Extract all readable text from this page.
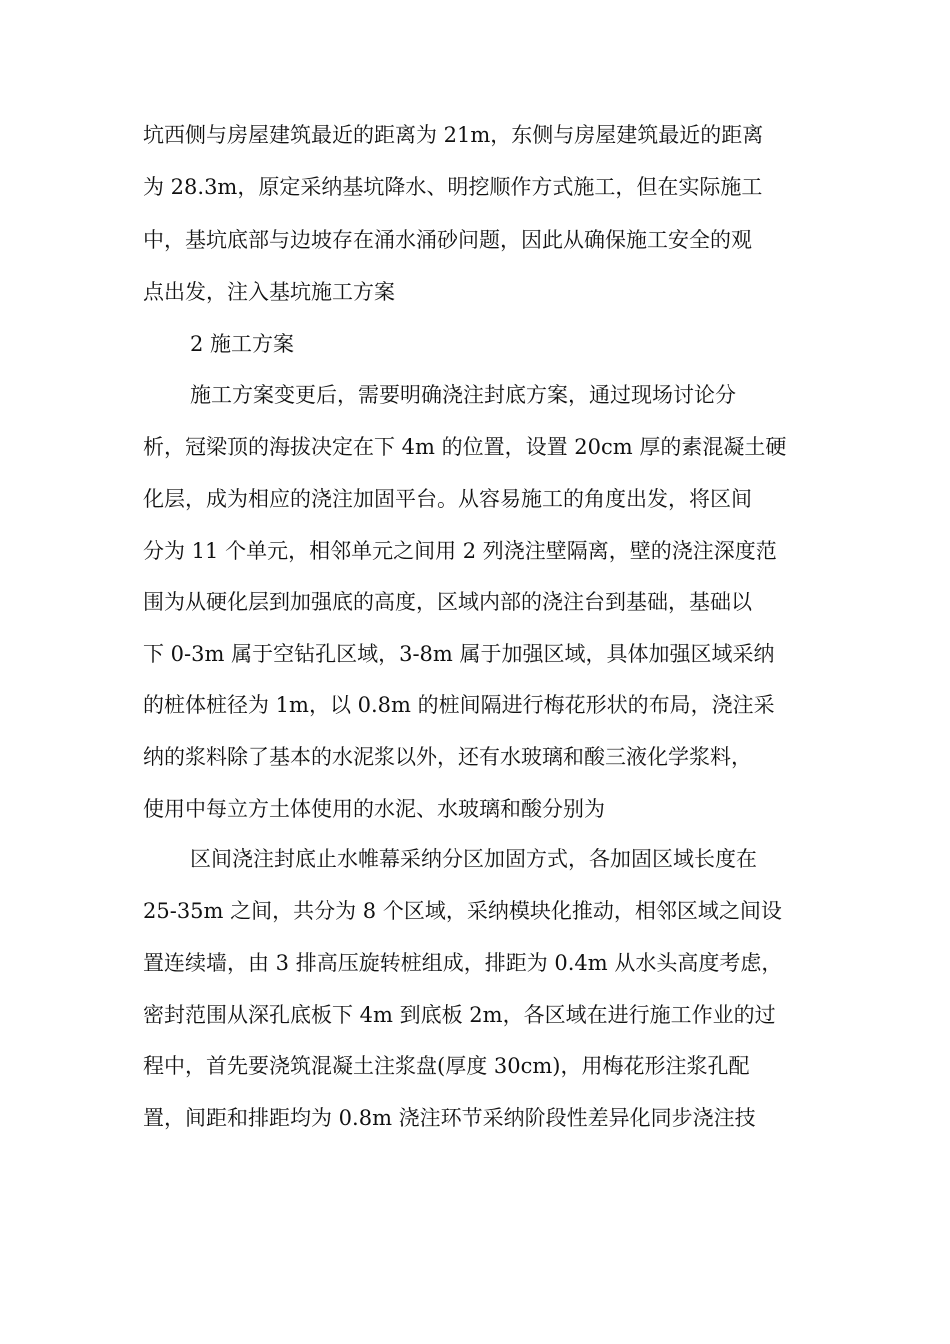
坑西侧与房屋建筑最近的距离为 21m，东侧与房屋建筑最近的距离
为 28.3m，原定采纳基坑降水、明挖顺作方式施工，但在实际施工
中，基坑底部与边坡存在涌水涌砂问题，因此从确保施工安全的观
点出发，注入基坑施工方案
2 施工方案
施工方案变更后，需要明确浇注封底方案，通过现场讨论分
析，冠梁顶的海拔决定在下 4m 的位置，设置 20cm 厚的素混凝土硬
化层，成为相应的浇注加固平台。从容易施工的角度出发，将区间
分为 11 个单元，相邻单元之间用 2 列浇注壁隔离，壁的浇注深度范
围为从硬化层到加强底的高度，区域内部的浇注台到基础，基础以
下 0-3m 属于空钻孔区域，3-8m 属于加强区域，具体加强区域采纳
的桩体桩径为 1m，以 0.8m 的桩间隔进行梅花形状的布局，浇注采
纳的浆料除了基本的水泥浆以外，还有水玻璃和酸三液化学浆料，
使用中每立方土体使用的水泥、水玻璃和酸分别为
区间浇注封底止水帷幕采纳分区加固方式，各加固区域长度在
25-35m 之间，共分为 8 个区域，采纳模块化推动，相邻区域之间设
置连续墙，由 3 排高压旋转桩组成，排距为 0.4m 从水头高度考虑，
密封范围从深孔底板下 4m 到底板 2m，各区域在进行施工作业的过
程中，首先要浇筑混凝土注浆盘(厚度 30cm)，用梅花形注浆孔配
置，间距和排距均为 0.8m 浇注环节采纳阶段性差异化同步浇注技
